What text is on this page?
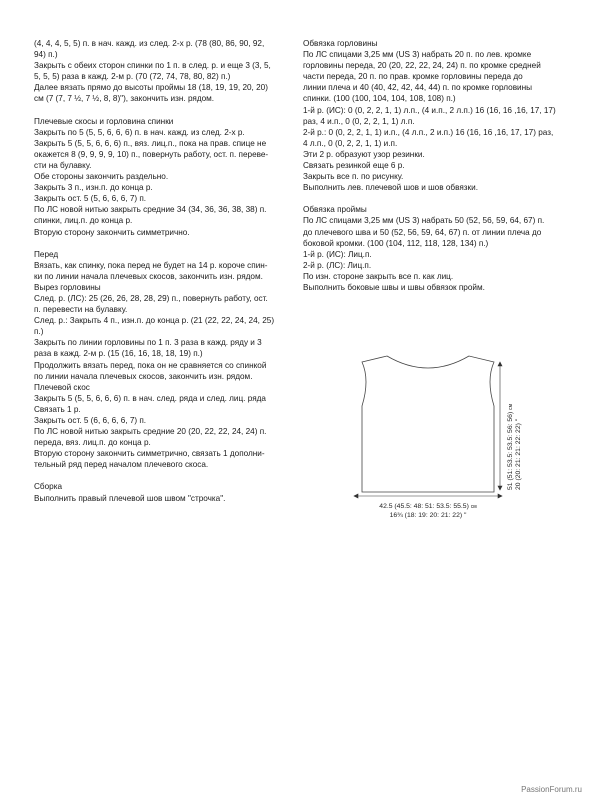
(4, 4, 4, 5, 5) п. в нач. кажд. из след. 2-х р. (78 (80, 86, 90, 92,
94) п.)

Закрыть с обеих сторон спинки по 1 п. в след. р. и еще 3 (3, 5,
5, 5, 5) раза в кажд. 2-м р. (70 (72, 74, 78, 80, 82) п.)

Далее вязать прямо до высоты проймы 18 (18, 19, 19, 20, 20)
см (7 (7, 7 ½, 7 ½, 8, 8)"), закончить изн. рядом.

Плечевые скосы и горловина спинки

Закрыть по 5 (5, 5, 6, 6, 6) п. в нач. кажд. из след. 2-х р.

Закрыть 5 (5, 5, 6, 6, 6) п., вяз. лиц.п., пока на прав. спице не
окажется 8 (9, 9, 9, 9, 10) п., повернуть работу, ост. п. переве-
сти на булавку.

Обе стороны закончить раздельно.

Закрыть 3 п., изн.п. до конца р.

Закрыть ост. 5 (5, 6, 6, 6, 7) п.

По ЛС новой нитью закрыть средние 34 (34, 36, 36, 38, 38) п.
спинки, лиц.п. до конца р.

Вторую сторону закончить симметрично.

Перед

Вязать, как спинку, пока перед не будет на 14 р. короче спин-
ки по линии начала плечевых скосов, закончить изн. рядом.

Вырез горловины

След. р. (ЛС): 25 (26, 26, 28, 28, 29) п., повернуть работу, ост.
п. перевести на булавку.

След. р.: Закрыть 4 п., изн.п. до конца р. (21 (22, 22, 24, 24, 25)
п.)

Закрыть по линии горловины по 1 п. 3 раза в кажд. ряду и 3
раза в кажд. 2-м р. (15 (16, 16, 18, 18, 19) п.)

Продолжить вязать перед, пока он не сравняется со спинкой
по линии начала плечевых скосов, закончить изн. рядом.

Плечевой скос

Закрыть 5 (5, 5, 6, 6, 6) п. в нач. след. ряда и след. лиц. ряда

Связать 1 р.

Закрыть ост. 5 (6, 6, 6, 6, 7) п.

По ЛС новой нитью закрыть средние 20 (20, 22, 22, 24, 24) п.
переда, вяз. лиц.п. до конца р.

Вторую сторону закончить симметрично, связать 1 дополни-
тельный ряд перед началом плечевого скоса.

Сборка

Выполнить правый плечевой шов швом "строчка".

Обвязка горловины

По ЛС спицами 3,25 мм (US 3) набрать 20 п. по лев. кромке
горловины переда, 20 (20, 22, 22, 24, 24) п. по кромке средней
части переда, 20 п. по прав. кромке горловины переда до
линии плеча и 40 (40, 42, 42, 44, 44) п. по кромке горловины
спинки. (100 (100, 104, 104, 108, 108) п.)

1-й р. (ИС): 0 (0, 2, 2, 1, 1) л.п., (4 и.п., 2 л.п.) 16 (16, 16 ,16, 17, 17)
раз, 4 и.п., 0 (0, 2, 2, 1, 1) л.п.

2-й р.: 0 (0, 2, 2, 1, 1) и.п., (4 л.п., 2 и.п.) 16 (16, 16 ,16, 17, 17) раз,
4 л.п., 0 (0, 2, 2, 1, 1) и.п.

Эти 2 р. образуют узор резинки.

Связать резинкой еще 6 р.

Закрыть все п. по рисунку.

Выполнить лев. плечевой шов и шов обвязки.

Обвязка проймы

По ЛС спицами 3,25 мм (US 3) набрать 50 (52, 56, 59, 64, 67) п.
до плечевого шва и 50 (52, 56, 59, 64, 67) п. от линии плеча до
боковой кромки. (100 (104, 112, 118, 128, 134) п.)

1-й р. (ИС): Лиц.п.

2-й р. (ЛС): Лиц.п.

По изн. стороне закрыть все п. как лиц.

Выполнить боковые швы и швы обвязок пройм.

42.5 (45.5: 48: 51: 53.5: 55.5) см
16¾ (18: 19: 20: 21: 22) "
51 (51: 53.5: 53.5: 56: 56) см
20 (20: 21: 21: 22: 22) "
PassionForum.ru
